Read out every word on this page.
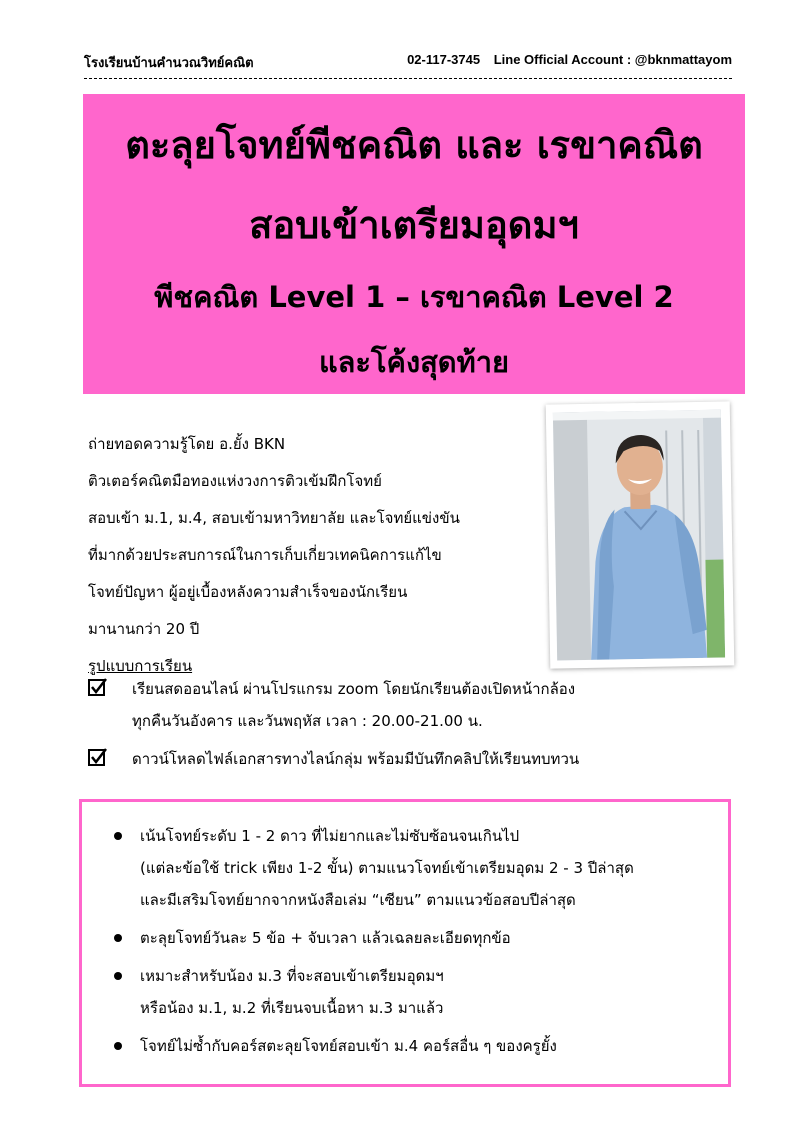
โรงเรียนบ้านคำนวณวิทย์คณิต	02-117-3745 Line Official Account : @bknmattayom
ตะลุยโจทย์พีชคณิต และ เรขาคณิต
สอบเข้าเตรียมอุดมฯ
พีชคณิต Level 1 – เรขาคณิต Level 2
และโค้งสุดท้าย
ถ่ายทอดความรู้โดย อ.ยั้ง BKN
ติวเตอร์คณิตมือทองแห่งวงการติวเข้มฝึกโจทย์
สอบเข้า ม.1, ม.4, สอบเข้ามหาวิทยาลัย และโจทย์แข่งขัน
ที่มากด้วยประสบการณ์ในการเก็บเกี่ยวเทคนิคการแก้ไข
โจทย์ปัญหา ผู้อยู่เบื้องหลังความสำเร็จของนักเรียน
มานานกว่า 20 ปี
รูปแบบการเรียน
เรียนสดออนไลน์ ผ่านโปรแกรม zoom โดยนักเรียนต้องเปิดหน้ากล้อง
ทุกคืนวันอังคาร และวันพฤหัส เวลา : 20.00-21.00 น.
ดาวน์โหลดไฟล์เอกสารทางไลน์กลุ่ม พร้อมมีบันทึกคลิปให้เรียนทบทวน
เน้นโจทย์ระดับ 1 - 2 ดาว ที่ไม่ยากและไม่ซับซ้อนจนเกินไป
(แต่ละข้อใช้ trick เพียง 1-2 ขั้น) ตามแนวโจทย์เข้าเตรียมอุดม 2 - 3 ปีล่าสุด
และมีเสริมโจทย์ยากจากหนังสือเล่ม “เซียน” ตามแนวข้อสอบปีล่าสุด
ตะลุยโจทย์วันละ 5 ข้อ + จับเวลา แล้วเฉลยละเอียดทุกข้อ
เหมาะสำหรับน้อง ม.3 ที่จะสอบเข้าเตรียมอุดมฯ
หรือน้อง ม.1, ม.2 ที่เรียนจบเนื้อหา ม.3 มาแล้ว
โจทย์ไม่ซ้ำกับคอร์สตะลุยโจทย์สอบเข้า ม.4 คอร์สอื่น ๆ ของครูยั้ง
